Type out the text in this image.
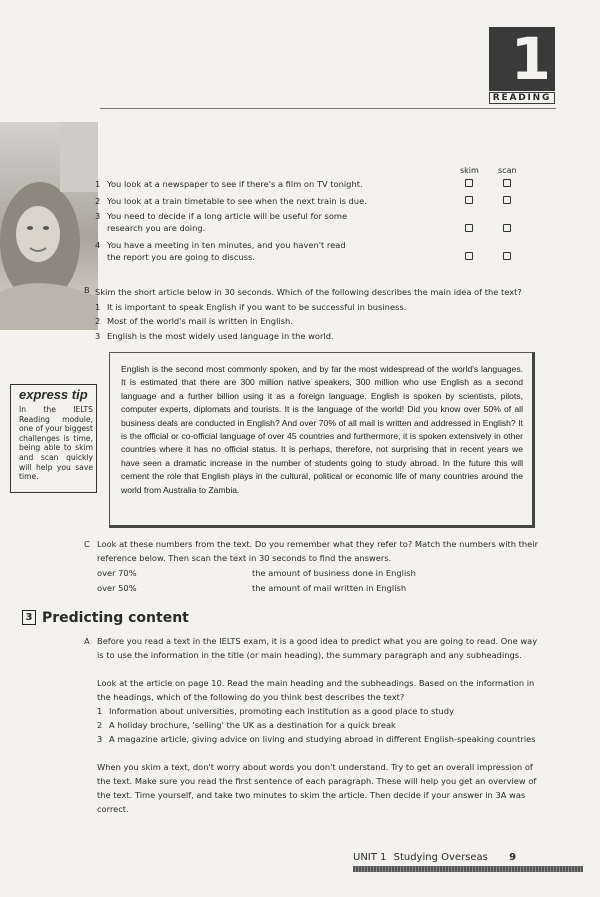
1
READING
skim scan
1 You look at a newspaper to see if there's a film on TV tonight.
2 You look at a train timetable to see when the next train is due.
3 You need to decide if a long article will be useful for some
research you are doing.
4 You have a meeting in ten minutes, and you haven't read
the report you are going to discuss.
B Skim the short article below in 30 seconds. Which of the following describes the main idea of the text?
1 It is important to speak English if you want to be successful in business.
2 Most of the world's mail is written in English.
3 English is the most widely used language in the world.
English is the second most commonly spoken, and by far the most widespread of the world's languages. It is estimated that there are 300 million native speakers, 300 million who use English as a second language and a further billion using it as a foreign language. English is spoken by scientists, pilots, computer experts, diplomats and tourists. It is the language of the world! Did you know over 50% of all business deals are conducted in English? And over 70% of all mail is written and addressed in English? It is the official or co-official language of over 45 countries and furthermore, it is spoken extensively in other countries where it has no official status. It is perhaps, therefore, not surprising that in recent years we have seen a dramatic increase in the number of students going to study abroad. In the future this will cement the role that English plays in the cultural, political or economic life of many countries around the world from Australia to Zambia.
express tip
In the IELTS Reading module, one of your biggest challenges is time, being able to skim and scan quickly will help you save time.
C Look at these numbers from the text. Do you remember what they refer to? Match the numbers with their
reference below. Then scan the text in 30 seconds to find the answers.
over 70%	the amount of business done in English
over 50%	the amount of mail written in English
3 Predicting content
A Before you read a text in the IELTS exam, it is a good idea to predict what you are going to read. One way
is to use the information in the title (or main heading), the summary paragraph and any subheadings.
Look at the article on page 10. Read the main heading and the subheadings. Based on the information in
the headings, which of the following do you think best describes the text?
1 Information about universities, promoting each institution as a good place to study
2 A holiday brochure, 'selling' the UK as a destination for a quick break
3 A magazine article, giving advice on living and studying abroad in different English-speaking countries
When you skim a text, don't worry about words you don't understand. Try to get an overall impression of
the text. Make sure you read the first sentence of each paragraph. These will help you get an overview of
the text. Time yourself, and take two minutes to skim the article. Then decide if your answer in 3A was
correct.
UNIT 1 Studying Overseas 9
